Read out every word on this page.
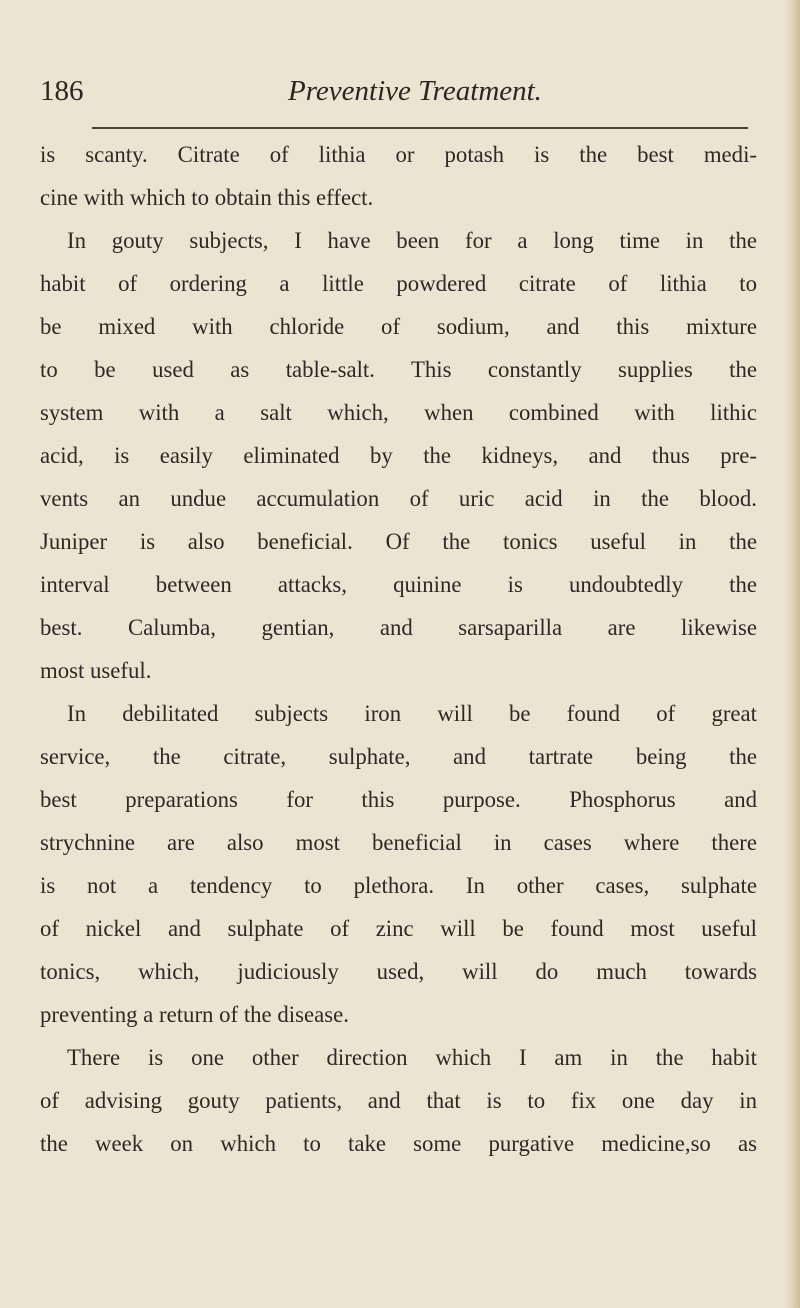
186	Preventive Treatment.
is scanty. Citrate of lithia or potash is the best medi-
cine with which to obtain this effect.
In gouty subjects, I have been for a long time in the
habit of ordering a little powdered citrate of lithia to
be mixed with chloride of sodium, and this mixture
to be used as table-salt. This constantly supplies the
system with a salt which, when combined with lithic
acid, is easily eliminated by the kidneys, and thus pre-
vents an undue accumulation of uric acid in the blood.
Juniper is also beneficial. Of the tonics useful in the
interval between attacks, quinine is undoubtedly the
best. Calumba, gentian, and sarsaparilla are likewise
most useful.
In debilitated subjects iron will be found of great
service, the citrate, sulphate, and tartrate being the
best preparations for this purpose. Phosphorus and
strychnine are also most beneficial in cases where there
is not a tendency to plethora. In other cases, sulphate
of nickel and sulphate of zinc will be found most useful
tonics, which, judiciously used, will do much towards
preventing a return of the disease.
There is one other direction which I am in the habit
of advising gouty patients, and that is to fix one day in
the week on which to take some purgative medicine,so as
